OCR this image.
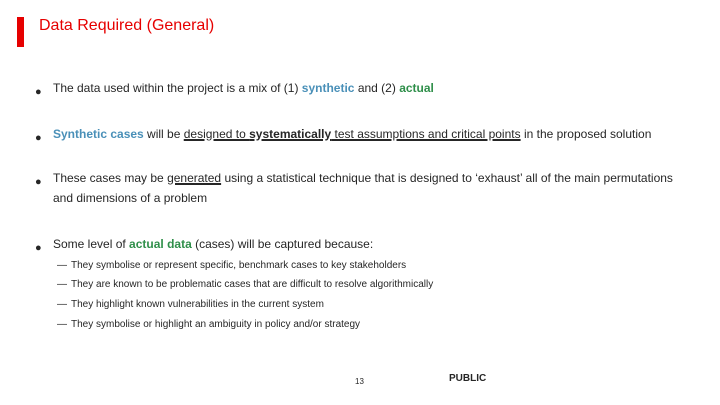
Data Required (General)
● The data used within the project is a mix of (1) synthetic and (2) actual
● Synthetic cases will be designed to systematically test assumptions and critical points in the proposed solution
● These cases may be generated using a statistical technique that is designed to ‘exhaust’ all of the main permutations and dimensions of a problem
● Some level of actual data (cases) will be captured because:
— They symbolise or represent specific, benchmark cases to key stakeholders
— They are known to be problematic cases that are difficult to resolve algorithmically
— They highlight known vulnerabilities in the current system
— They symbolise or highlight an ambiguity in policy and/or strategy
13	PUBLIC
